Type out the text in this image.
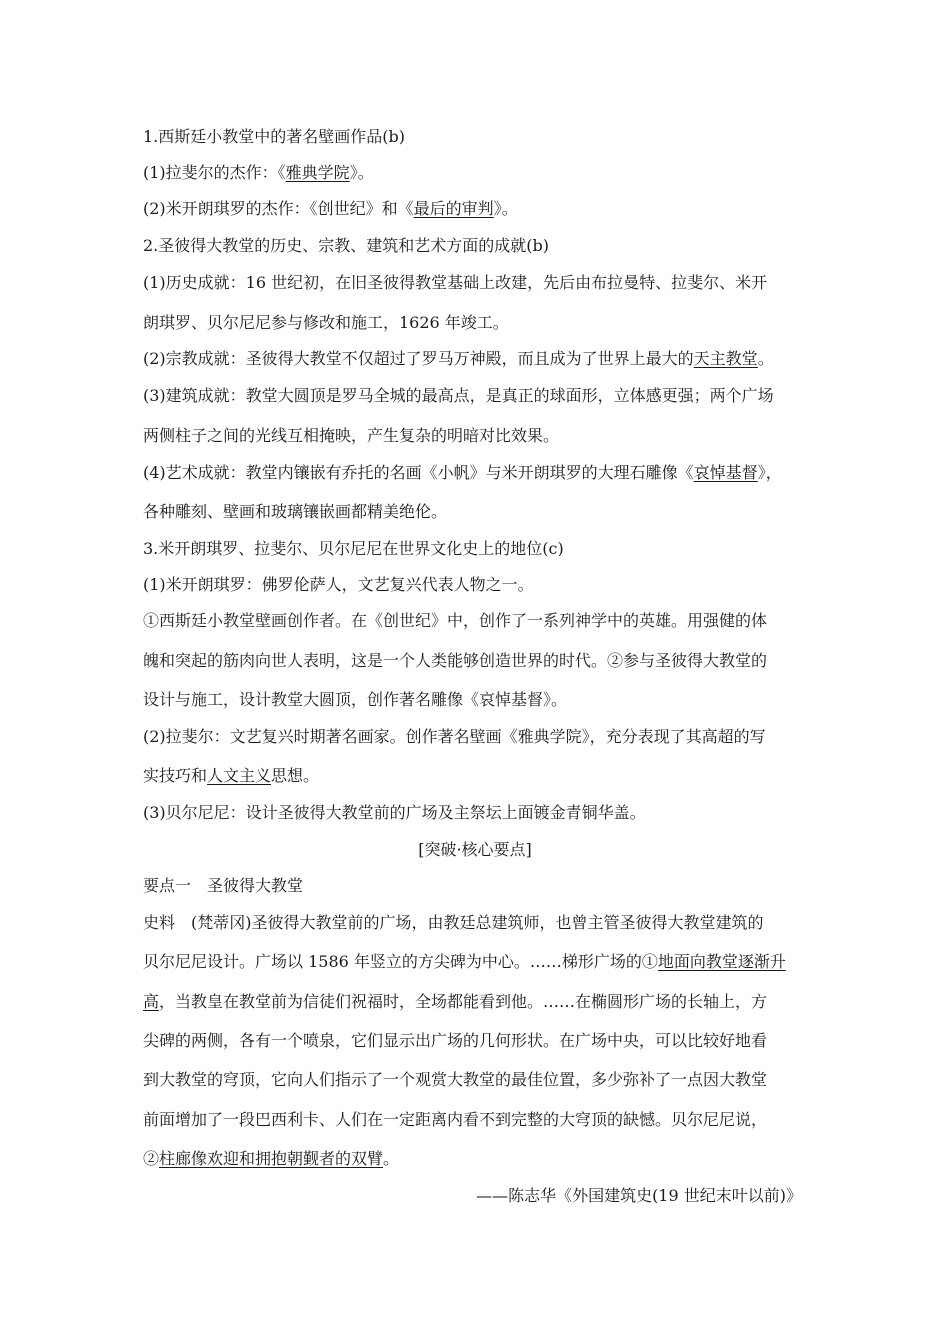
1.西斯廷小教堂中的著名壁画作品(b)

(1)拉斐尔的杰作：《雅典学院》。

(2)米开朗琪罗的杰作：《创世纪》和《最后的审判》。

2.圣彼得大教堂的历史、宗教、建筑和艺术方面的成就(b)

(1)历史成就：16 世纪初，在旧圣彼得教堂基础上改建，先后由布拉曼特、拉斐尔、米开

朗琪罗、贝尔尼尼参与修改和施工，1626 年竣工。

(2)宗教成就：圣彼得大教堂不仅超过了罗马万神殿，而且成为了世界上最大的天主教堂。

(3)建筑成就：教堂大圆顶是罗马全城的最高点，是真正的球面形，立体感更强；两个广场

两侧柱子之间的光线互相掩映，产生复杂的明暗对比效果。

(4)艺术成就：教堂内镶嵌有乔托的名画《小帆》与米开朗琪罗的大理石雕像《哀悼基督》，

各种雕刻、壁画和玻璃镶嵌画都精美绝伦。

3.米开朗琪罗、拉斐尔、贝尔尼尼在世界文化史上的地位(c)

(1)米开朗琪罗：佛罗伦萨人，文艺复兴代表人物之一。

①西斯廷小教堂壁画创作者。在《创世纪》中，创作了一系列神学中的英雄。用强健的体

魄和突起的筋肉向世人表明，这是一个人类能够创造世界的时代。②参与圣彼得大教堂的

设计与施工，设计教堂大圆顶，创作著名雕像《哀悼基督》。

(2)拉斐尔：文艺复兴时期著名画家。创作著名壁画《雅典学院》，充分表现了其高超的写

实技巧和人文主义思想。

(3)贝尔尼尼：设计圣彼得大教堂前的广场及主祭坛上面镀金青铜华盖。

[突破·核心要点]

要点一　圣彼得大教堂

史料　(梵蒂冈)圣彼得大教堂前的广场，由教廷总建筑师，也曾主管圣彼得大教堂建筑的

贝尔尼尼设计。广场以 1586 年竖立的方尖碑为中心。……梯形广场的①地面向教堂逐渐升

高，当教皇在教堂前为信徒们祝福时，全场都能看到他。……在椭圆形广场的长轴上，方

尖碑的两侧，各有一个喷泉，它们显示出广场的几何形状。在广场中央，可以比较好地看

到大教堂的穹顶，它向人们指示了一个观赏大教堂的最佳位置，多少弥补了一点因大教堂

前面增加了一段巴西利卡、人们在一定距离内看不到完整的大穹顶的缺憾。贝尔尼尼说，

②柱廊像欢迎和拥抱朝觐者的双臂。

——陈志华《外国建筑史(19 世纪末叶以前)》
